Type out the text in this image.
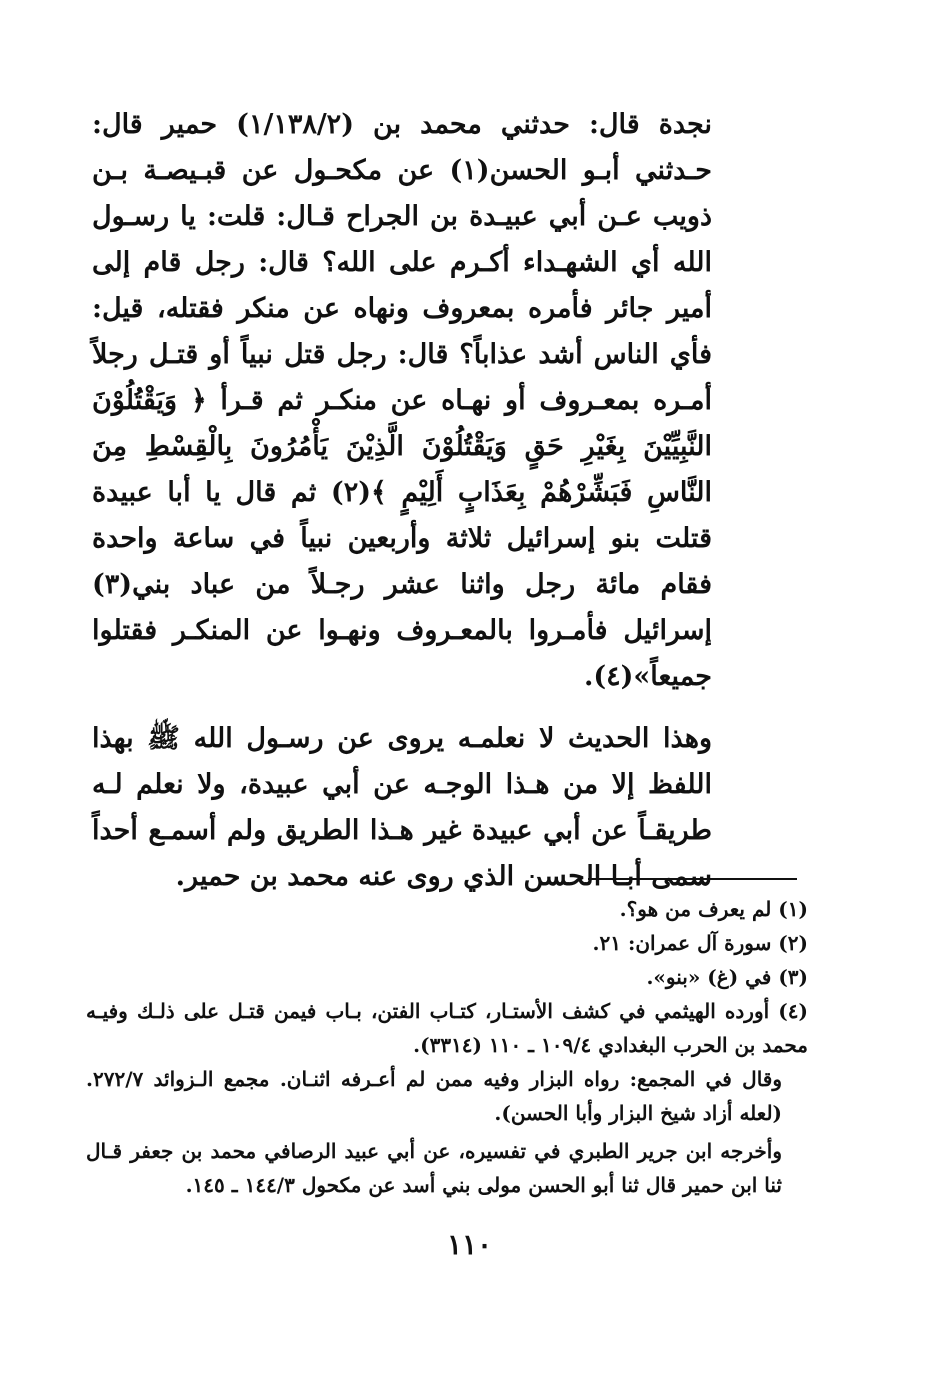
نجدة قال: حدثني محمد بن (١/١٣٨/٢) حمير قال: حـدثني أبـو الحسن(١) عن مكحـول عن قبـيصـة بـن ذويب عـن أبي عبيـدة بن الجراح قـال: قلت: يا رسـول الله أي الشهـداء أكـرم على الله؟ قال: رجل قام إلى أمير جائر فأمره بمعروف ونهاه عن منكر فقتله، قيل: فأي الناس أشد عذاباً؟ قال: رجل قتل نبياً أو قتـل رجلاً أمـره بمعـروف أو نهـاه عن منكـر ثم قـرأ ﴿ وَيَقْتُلُوْنَ النَّبِيِّيْنَ بِغَيْرِ حَقٍ وَيَقْتُلُوْنَ الَّذِيْنَ يَأْمُرُونَ بِالْقِسْطِ مِنَ النَّاسِ فَبَشِّرْهُمْ بِعَذَابٍ أَلِيْمٍ ﴾(٢) ثم قال يا أبا عبيدة قتلت بنو إسرائيل ثلاثة وأربعين نبياً في ساعة واحدة فقام مائة رجل واثنا عشر رجـلاً من عباد بني(٣) إسرائيل فأمـروا بالمعـروف ونهـوا عن المنكـر فقتلوا جميعاً»(٤).

وهذا الحديث لا نعلمـه يروى عن رسـول الله ﷺ بهذا اللفظ إلا من هـذا الوجـه عن أبي عبيدة، ولا نعلم لـه طريقـاً عن أبي عبيدة غير هـذا الطريق ولم أسمـع أحداً سمى أبـا الحسن الذي روى عنه محمد بن حمير.

(١) لم يعرف من هو؟.

(٢) سورة آل عمران: ٢١.

(٣) في (غ) «بنو».

(٤) أورده الهيثمي في كشف الأستـار، كتـاب الفتن، بـاب فيمن قتـل على ذلـك وفيـه محمد بن الحرب البغدادي ١٠٩/٤ ـ ١١٠ (٣٣١٤).

وقال في المجمع: رواه البزار وفيه ممن لم أعـرفه اثنـان. مجمع الـزوائد ٢٧٢/٧. (لعله أزاد شيخ البزار وأبا الحسن).

وأخرجه ابن جرير الطبري في تفسيره، عن أبي عبيد الرصافي محمد بن جعفر قـال ثنا ابن حمير قال ثنا أبو الحسن مولى بني أسد عن مكحول ١٤٤/٣ ـ ١٤٥.

١١٠
